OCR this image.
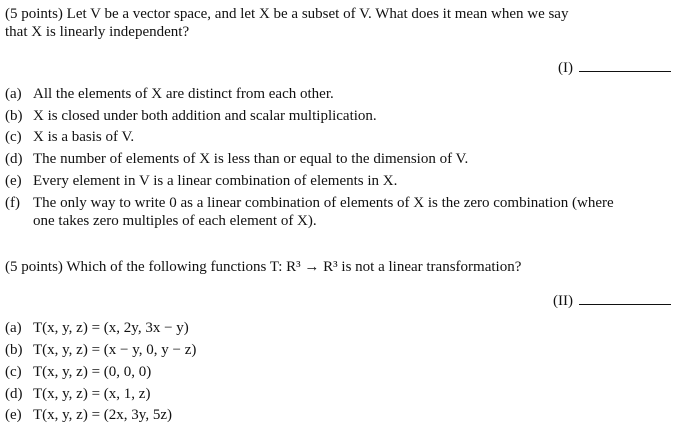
(5 points) Let V be a vector space, and let X be a subset of V. What does it mean when we say
that X is linearly independent?
(I)
(a) All the elements of X are distinct from each other.
(b) X is closed under both addition and scalar multiplication.
(c) X is a basis of V.
(d) The number of elements of X is less than or equal to the dimension of V.
(e) Every element in V is a linear combination of elements in X.
(f) The only way to write 0 as a linear combination of elements of X is the zero combination (where
one takes zero multiples of each element of X).
(5 points) Which of the following functions T: R³ → R³ is not a linear transformation?
(II)
(a) T(x, y, z) = (x, 2y, 3x − y)
(b) T(x, y, z) = (x − y, 0, y − z)
(c) T(x, y, z) = (0, 0, 0)
(d) T(x, y, z) = (x, 1, z)
(e) T(x, y, z) = (2x, 3y, 5z)
